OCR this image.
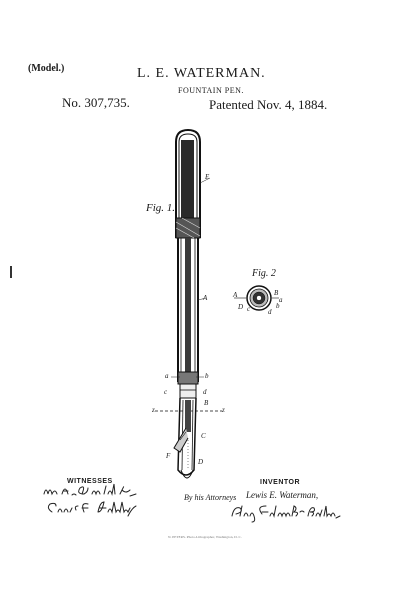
(Model.)	L. E. WATERMAN.
FOUNTAIN PEN.
No. 307,735.	Patented Nov. 4, 1884.
Fig. 1.
Fig. 2
E
A
a	b
c	d
B
z	z
C
F
D
B
A
a
b
c
D
d
WITNESSES	INVENTOR
By his Attorneys Lewis E. Waterman,
N. PETERS. Photo-Lithographer, Washington, D. C.
